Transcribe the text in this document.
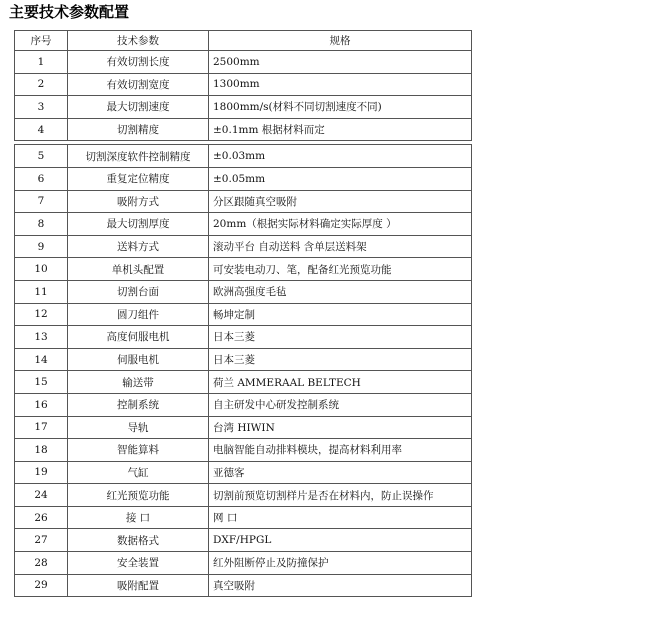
主要技术参数配置
序号	技术参数	规格
1	有效切割长度	2500mm
2	有效切割宽度	1300mm
3	最大切割速度	1800mm/s(材料不同切割速度不同)
4	切割精度	±0.1mm 根据材料而定

5	切割深度软件控制精度	±0.03mm
6	重复定位精度	±0.05mm
7	吸附方式	分区跟随真空吸附
8	最大切割厚度	20mm（根据实际材料确定实际厚度 ）
9	送料方式	滚动平台 自动送料 含单层送料架
10	单机头配置	可安装电动刀、笔，配备红光预览功能
11	切割台面	欧洲高强度毛毡
12	圆刀组件	畅坤定制
13	高度伺服电机	日本三菱
14	伺服电机	日本三菱
15	输送带	荷兰 AMMERAAL BELTECH
16	控制系统	自主研发中心研发控制系统
17	导轨	台湾 HIWIN
18	智能算料	电脑智能自动排料模块，提高材料利用率
19	气缸	亚德客
24	红光预览功能	切割前预览切割样片是否在材料内，防止误操作
26	接 口	网 口
27	数据格式	DXF/HPGL
28	安全装置	红外阻断停止及防撞保护
29	吸附配置	真空吸附
